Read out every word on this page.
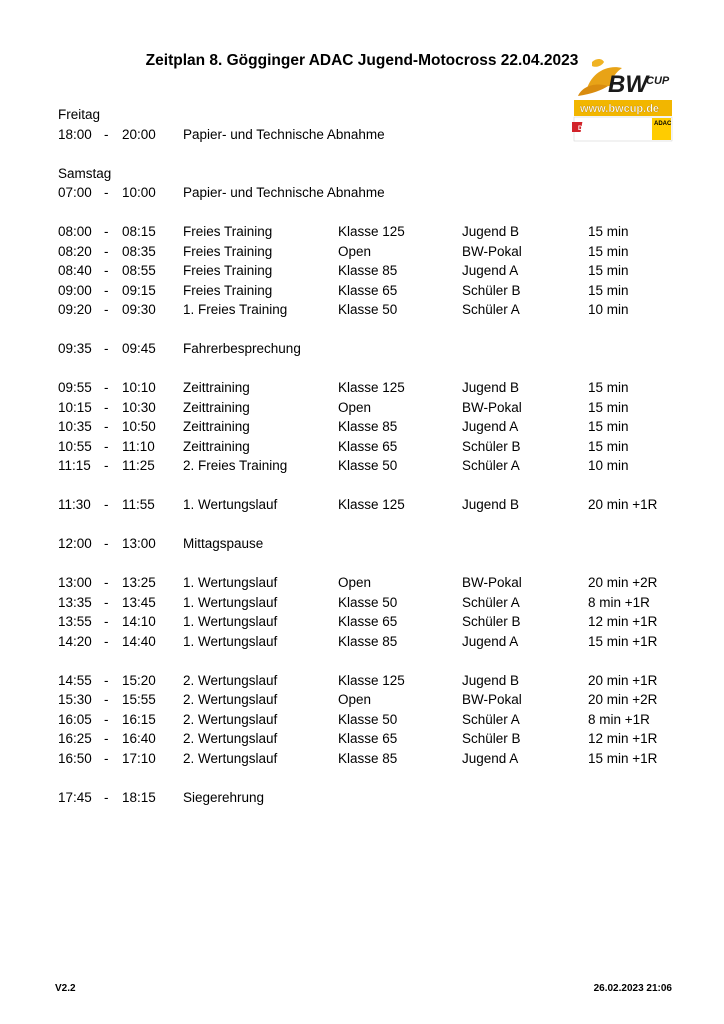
Zeitplan 8. Gögginger ADAC Jugend-Motocross 22.04.2023
BW
CUP
www.bwcup.de
DMV
ADAC
Freitag
18:00 - 20:00 Papier- und Technische Abnahme
Samstag
07:00 - 10:00 Papier- und Technische Abnahme
08:00 - 08:15 Freies Training	Klasse 125	Jugend B	15 min
08:20 - 08:35 Freies Training	Open	BW-Pokal	15 min
08:40 - 08:55 Freies Training	Klasse 85	Jugend A	15 min
09:00 - 09:15 Freies Training	Klasse 65	Schüler B	15 min
09:20 - 09:30 1. Freies Training	Klasse 50	Schüler A	10 min
09:35 - 09:45 Fahrerbesprechung
09:55 - 10:10 Zeittraining	Klasse 125	Jugend B	15 min
10:15 - 10:30 Zeittraining	Open	BW-Pokal	15 min
10:35 - 10:50 Zeittraining	Klasse 85	Jugend A	15 min
10:55 - 11:10 Zeittraining	Klasse 65	Schüler B	15 min
11:15 - 11:25 2. Freies Training	Klasse 50	Schüler A	10 min
11:30 - 11:55 1. Wertungslauf	Klasse 125	Jugend B	20 min +1R
12:00 - 13:00 Mittagspause
13:00 - 13:25 1. Wertungslauf	Open	BW-Pokal	20 min +2R
13:35 - 13:45 1. Wertungslauf	Klasse 50	Schüler A	8 min +1R
13:55 - 14:10 1. Wertungslauf	Klasse 65	Schüler B	12 min +1R
14:20 - 14:40 1. Wertungslauf	Klasse 85	Jugend A	15 min +1R
14:55 - 15:20 2. Wertungslauf	Klasse 125	Jugend B	20 min +1R
15:30 - 15:55 2. Wertungslauf	Open	BW-Pokal	20 min +2R
16:05 - 16:15 2. Wertungslauf	Klasse 50	Schüler A	8 min +1R
16:25 - 16:40 2. Wertungslauf	Klasse 65	Schüler B	12 min +1R
16:50 - 17:10 2. Wertungslauf	Klasse 85	Jugend A	15 min +1R
17:45 - 18:15 Siegerehrung
V2.2	26.02.2023 21:06
